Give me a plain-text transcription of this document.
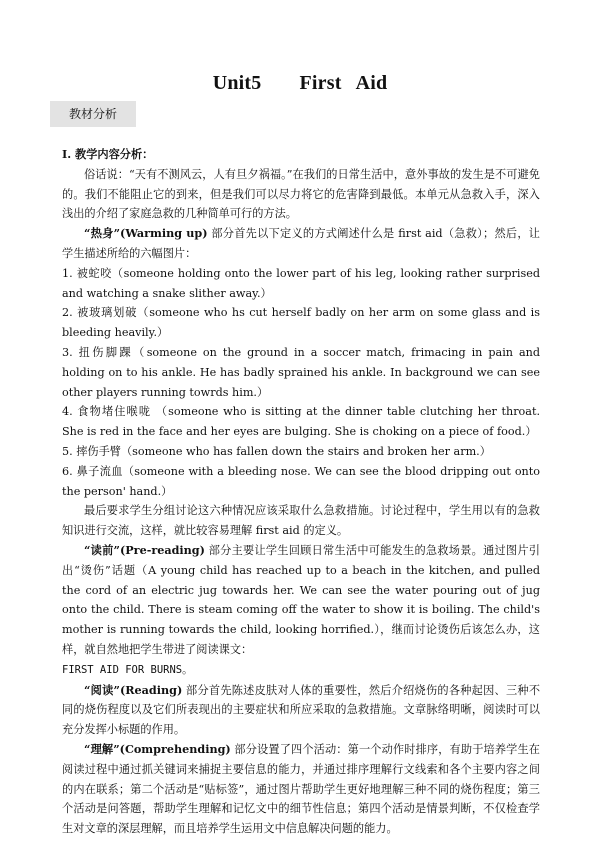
Unit5 First Aid
教材分析

I. 教学内容分析：

俗话说：“天有不测风云，人有旦夕祸福。”在我们的日常生活中，意外事故的发生是不可避免的。我们不能阻止它的到来，但是我们可以尽力将它的危害降到最低。本单元从急救入手，深入浅出的介绍了家庭急救的几种简单可行的方法。

“热身”(Warming up) 部分首先以下定义的方式阐述什么是 first aid（急救）；然后，让学生描述所给的六幅图片：

1. 被蛇咬（someone holding onto the lower part of his leg, looking rather surprised and watching a snake slither away.）

2. 被玻璃划破（someone who hs cut herself badly on her arm on some glass and is bleeding heavily.）

3. 扭伤脚踝（someone on the ground in a soccer match, frimacing in pain and holding on to his ankle. He has badly sprained his ankle. In background we can see other players running towrds him.）

4. 食物堵住喉咙 （someone who is sitting at the dinner table clutching her throat. She is red in the face and her eyes are bulging. She is choking on a piece of food.）

5. 摔伤手臂（someone who has fallen down the stairs and broken her arm.）

6. 鼻子流血（someone with a bleeding nose. We can see the blood dripping out onto the person' hand.）

最后要求学生分组讨论这六种情况应该采取什么急救措施。讨论过程中，学生用以有的急救知识进行交流，这样，就比较容易理解 first aid 的定义。

“读前”(Pre-reading) 部分主要让学生回顾日常生活中可能发生的急救场景。通过图片引出“烫伤”话题（A young child has reached up to a beach in the kitchen, and pulled the cord of an electric jug towards her. We can see the water pouring out of jug onto the child. There is steam coming off the water to show it is boiling. The child's mother is running towards the child, looking horrified.），继而讨论烫伤后该怎么办，这样，就自然地把学生带进了阅读课文：
FIRST AID FOR BURNS。

“阅读”(Reading) 部分首先陈述皮肤对人体的重要性，然后介绍烧伤的各种起因、三种不同的烧伤程度以及它们所表现出的主要症状和所应采取的急救措施。文章脉络明晰，阅读时可以充分发挥小标题的作用。

“理解”(Comprehending) 部分设置了四个活动：第一个动作时排序，有助于培养学生在阅读过程中通过抓关键词来捕捉主要信息的能力，并通过排序理解行文线索和各个主要内容之间的内在联系；第二个活动是“贴标签”，通过图片帮助学生更好地理解三种不同的烧伤程度；第三个活动是问答题，帮助学生理解和记忆文中的细节性信息；第四个活动是情景判断，不仅检查学生对文章的深层理解，而且培养学生运用文中信息解决问题的能力。
